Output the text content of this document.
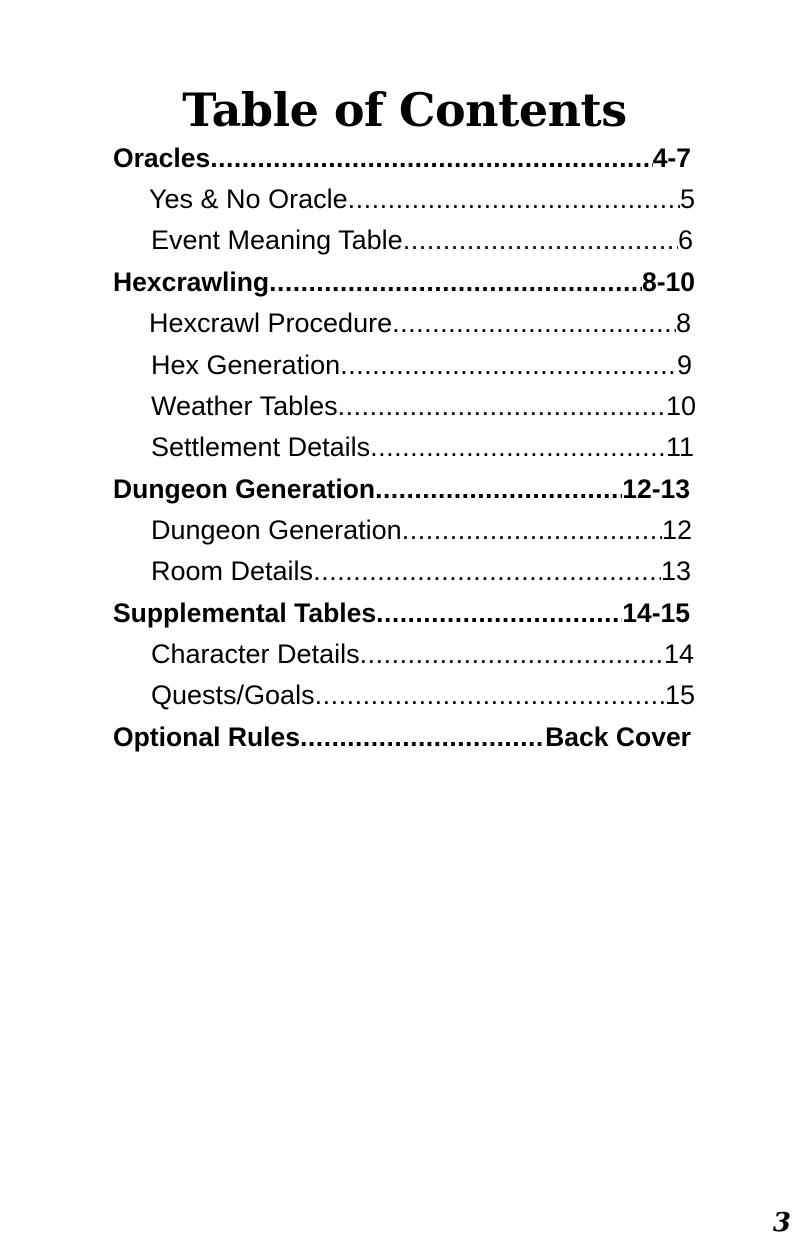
Table of Contents
Oracles .....	4-7
Yes & No Oracle .....	5
Event Meaning Table .....	6
Hexcrawling .....	8-10
Hexcrawl Procedure .....	8
Hex Generation .....	9
Weather Tables .....	10
Settlement Details .....	11
Dungeon Generation .....	12-13
Dungeon Generation .....	12
Room Details .....	13
Supplemental Tables .....	14-15
Character Details .....	14
Quests/Goals .....	15
Optional Rules .....	Back Cover
3
